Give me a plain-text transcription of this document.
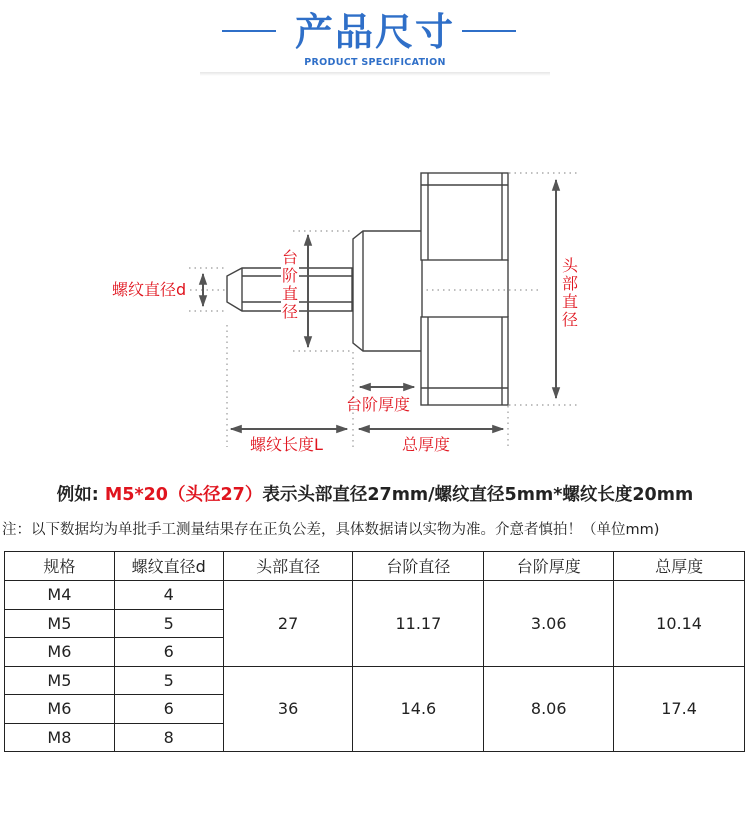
产品尺寸
PRODUCT SPECIFICATION
螺纹直径d
台
阶
直
径
头
部
直
径
台阶厚度
螺纹长度L	总厚度
例如: M5*20（头径27）表示头部直径27mm/螺纹直径5mm*螺纹长度20mm
注：以下数据均为单批手工测量结果存在正负公差，具体数据请以实物为准。介意者慎拍！（单位mm)
规格	螺纹直径d	头部直径	台阶直径	台阶厚度	总厚度
M4	4	27	11.17	3.06	10.14
M5	5				
M6	6				
M5	5	36	14.6	8.06	17.4
M6	6				
M8	8				
